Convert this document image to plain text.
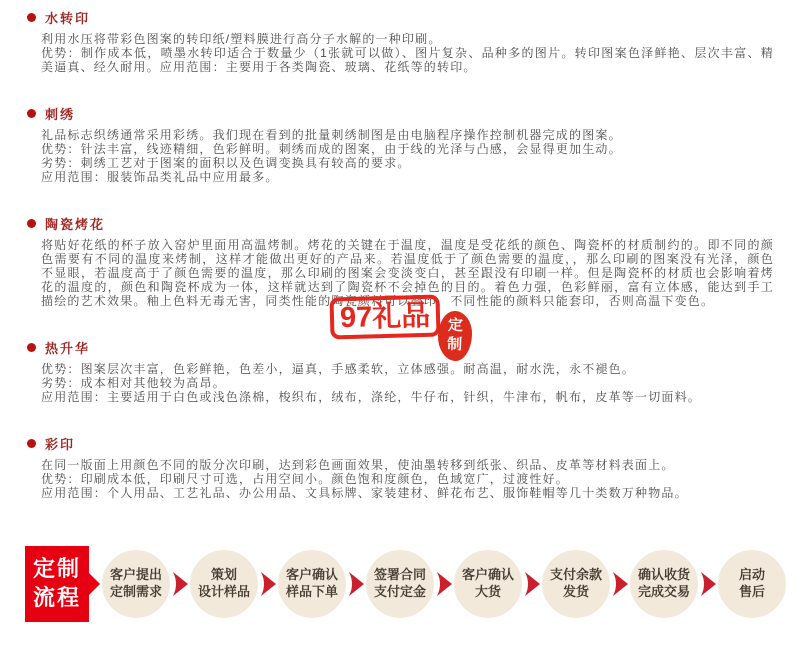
水转印

利用水压将带彩色图案的转印纸/塑料膜进行高分子水解的一种印刷。

优势：制作成本低，喷墨水转印适合于数量少（1张就可以做）、图片复杂、品种多的图片。转印图案色泽鲜艳、层次丰富、精美逼真、经久耐用。应用范围：主要用于各类陶瓷、玻璃、花纸等的转印。

刺绣

礼品标志织绣通常采用彩绣。我们现在看到的批量刺绣制图是由电脑程序操作控制机器完成的图案。

优势：针法丰富，线迹精细，色彩鲜明。刺绣而成的图案，由于线的光泽与凸感，会显得更加生动。

劣势：刺绣工艺对于图案的面积以及色调变换具有较高的要求。

应用范围：服装饰品类礼品中应用最多。

陶瓷烤花

将贴好花纸的杯子放入窑炉里面用高温烤制。烤花的关键在于温度，温度是受花纸的颜色、陶瓷杯的材质制约的。即不同的颜色需要有不同的温度来烤制，这样才能做出更好的产品来。若温度低于了颜色需要的温度，，那么印刷的图案没有光泽，颜色不显眼，若温度高于了颜色需要的温度，那么印刷的图案会变淡变白，甚至跟没有印刷一样。但是陶瓷杯的材质也会影响着烤花的温度的，颜色和陶瓷杯成为一体，这样就达到了陶瓷杯不会掉色的目的。着色力强，色彩鲜丽，富有立体感，能达到手工描绘的艺术效果。釉上色料无毒无害，同类性能的陶瓷颜料可以叠印，不同性能的颜料只能套印，否则高温下变色。

热升华

优势：图案层次丰富，色彩鲜艳，色差小，逼真，手感柔软，立体感强。耐高温，耐水洗，永不褪色。

劣势：成本相对其他较为高昂。

应用范围：主要适用于白色或浅色涤棉，梭织布，绒布，涤纶，牛仔布，针织，牛津布，帆布，皮革等一切面料。

彩印

在同一版面上用颜色不同的版分次印刷，达到彩色画面效果，使油墨转移到纸张、织品、皮革等材料表面上。

优势：印刷成本低，印刷尺寸可选，占用空间小。颜色饱和度颜色，色域宽广，过渡性好。

应用范围：个人用品、工艺礼品、办公用品、文具标牌、家装建材、鲜花布艺、服饰鞋帽等几十类数万种物品。

97礼品	定
制
定制
流程
客户提出
定制需求
策划
设计样品
客户确认
样品下单
签署合同
支付定金
客户确认
大货
支付余款
发货
确认收货
完成交易
启动
售后
